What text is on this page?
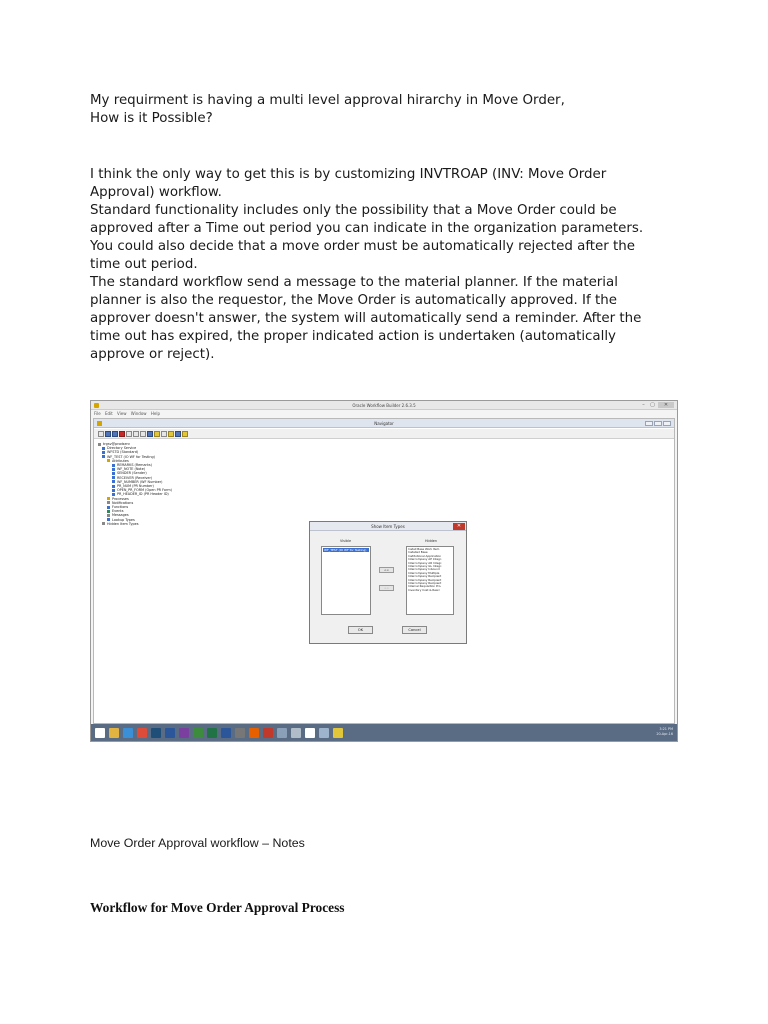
My requirment is having a multi level approval hirarchy in Move Order,
How is it Possible?

I think the only way to get this is by customizing INVTROAP (INV: Move Order
Approval) workflow.
Standard functionality includes only the possibility that a Move Order could be
approved after a Time out period you can indicate in the organization parameters.
You could also decide that a move order must be automatically rejected after the
time out period.
The standard workflow send a message to the material planner. If the material
planner is also the requestor, the Move Order is automatically approved. If the
approver doesn't answer, the system will automatically send a reminder. After the
time out has expired, the proper indicated action is undertaken (automatically
approve or reject).

Oracle Workflow Builder 2.6.3.5	–	▢	✕
File Edit View Window Help
Navigator
trgsv@prodserv
Directory Service
WFSTD (Standard)
WF_TEST (IO WF for Testing)
Attributes
REMARKS (Remarks)
WF_NOTE (Note)
SENDER (Sender)
RECEIVER (Receiver)
WF_NUMBER (WF Number)
PR_NUM (PR Number)
OPEN_PR_FORM (Open PR Form)
PR_HEADER_ID (PR Header ID)
Processes
Notifications
Functions
Events
Messages
Lookup Types
Hidden Item Types
Show Item Types	✕
Visible	Hidden
WF_TEST (IO WF for Testing)
<<
>>
Install Base Work Item
Installed Base
Institutional Application
Intercompany AP Integr.
Intercompany AR Integr.
Intercompany GL Integr.
Intercompany Inbound
Intercompany Multiple
Intercompany Recipient
Intercompany Recipient
Intercompany Recipient
Internal Requisition Pro.
Inventory Cost & Resrc
OK	Cancel
3:21 PM
20-Apr-16

Move Order Approval workflow – Notes

Workflow for Move Order Approval Process
